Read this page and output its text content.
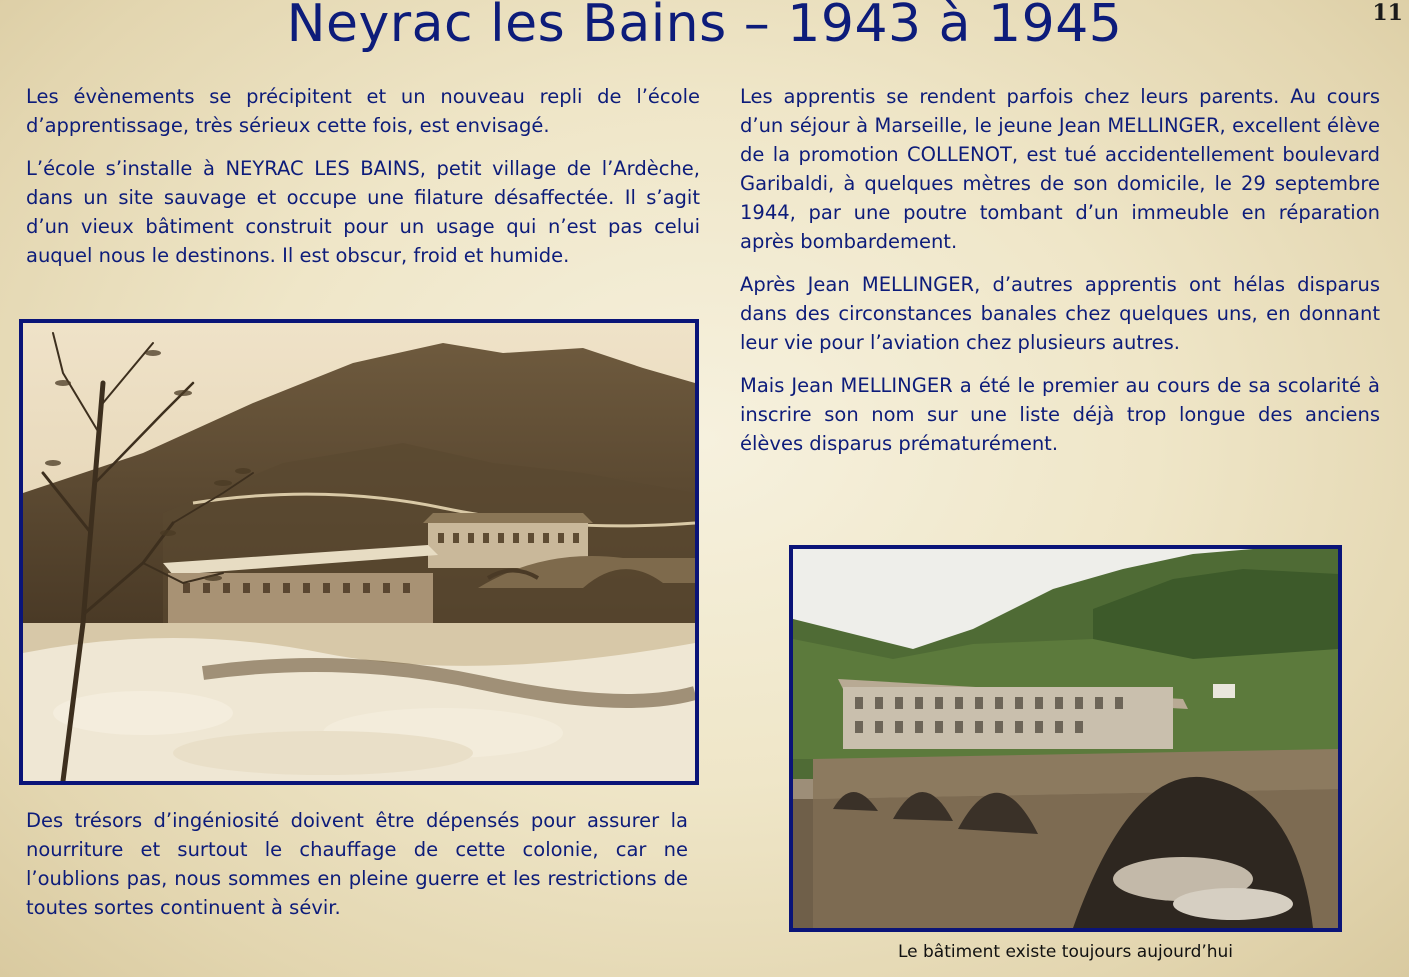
11
Neyrac les Bains – 1943 à 1945

Les évènements se précipitent et un nouveau repli de l’école d’apprentissage, très sérieux cette fois, est envisagé.

L’école s’installe à NEYRAC LES BAINS, petit village de l’Ardèche, dans un site sauvage et occupe une filature désaffectée. Il s’agit d’un vieux bâtiment construit pour un usage qui n’est pas celui auquel nous le destinons. Il est obscur, froid et humide.

Les apprentis se rendent parfois chez leurs parents. Au cours d’un séjour à Marseille, le jeune Jean MELLINGER, excellent élève de la promotion COLLENOT, est tué accidentellement boulevard Garibaldi, à quelques mètres de son domicile, le 29 septembre 1944, par une poutre tombant d’un immeuble en réparation après bombardement.

Après Jean MELLINGER, d’autres apprentis ont hélas disparus dans des circonstances banales chez quelques uns, en donnant leur vie pour l’aviation chez plusieurs autres.

Mais Jean MELLINGER a été le premier au cours de sa scolarité à inscrire son nom sur une liste déjà trop longue des anciens élèves disparus prématurément.

Des trésors d’ingéniosité doivent être dépensés pour assurer la nourriture et surtout le chauffage de cette colonie, car ne l’oublions pas, nous sommes en pleine guerre et les restrictions de toutes sortes continuent à sévir.

Le bâtiment existe toujours aujourd’hui
